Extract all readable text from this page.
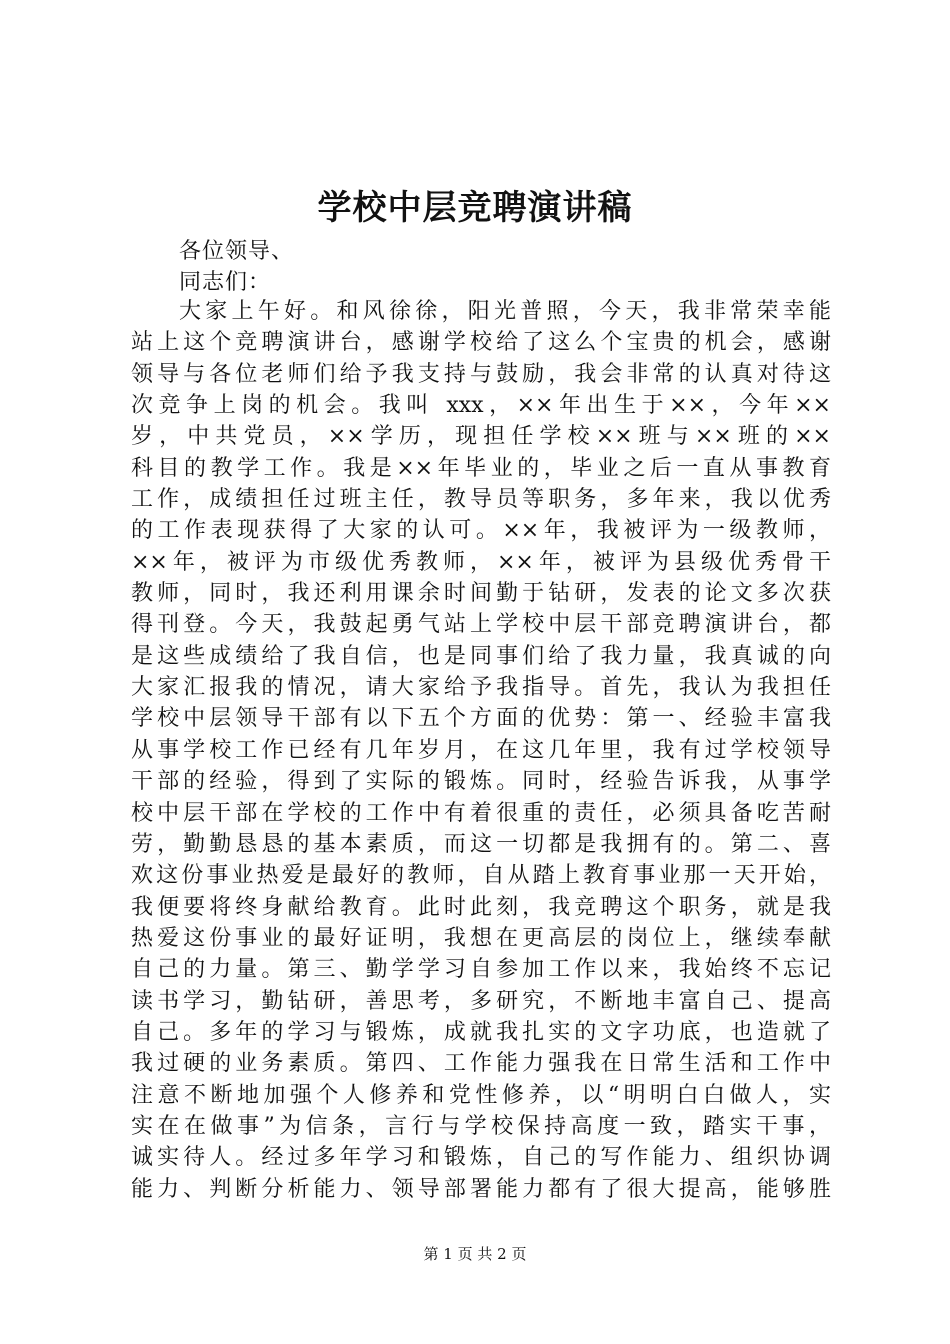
学校中层竞聘演讲稿
各位领导、
同志们：
大家上午好。和风徐徐，阳光普照，今天，我非常荣幸能
站上这个竞聘演讲台，感谢学校给了这么个宝贵的机会，感谢
领导与各位老师们给予我支持与鼓励，我会非常的认真对待这
次竞争上岗的机会。我叫 xxx，××年出生于××，今年××
岁，中共党员，××学历，现担任学校××班与××班的××
科目的教学工作。我是××年毕业的，毕业之后一直从事教育
工作，成绩担任过班主任，教导员等职务，多年来，我以优秀
的工作表现获得了大家的认可。××年，我被评为一级教师，
××年，被评为市级优秀教师，××年，被评为县级优秀骨干
教师，同时，我还利用课余时间勤于钻研，发表的论文多次获
得刊登。今天，我鼓起勇气站上学校中层干部竞聘演讲台，都
是这些成绩给了我自信，也是同事们给了我力量，我真诚的向
大家汇报我的情况，请大家给予我指导。首先，我认为我担任
学校中层领导干部有以下五个方面的优势：第一、经验丰富我
从事学校工作已经有几年岁月，在这几年里，我有过学校领导
干部的经验，得到了实际的锻炼。同时，经验告诉我，从事学
校中层干部在学校的工作中有着很重的责任，必须具备吃苦耐
劳，勤勤恳恳的基本素质，而这一切都是我拥有的。第二、喜
欢这份事业热爱是最好的教师，自从踏上教育事业那一天开始，
我便要将终身献给教育。此时此刻，我竞聘这个职务，就是我
热爱这份事业的最好证明，我想在更高层的岗位上，继续奉献
自己的力量。第三、勤学学习自参加工作以来，我始终不忘记
读书学习，勤钻研，善思考，多研究，不断地丰富自己、提高
自己。多年的学习与锻炼，成就我扎实的文字功底，也造就了
我过硬的业务素质。第四、工作能力强我在日常生活和工作中
注意不断地加强个人修养和党性修养，以“明明白白做人，实
实在在做事”为信条，言行与学校保持高度一致，踏实干事，
诚实待人。经过多年学习和锻炼，自己的写作能力、组织协调
能力、判断分析能力、领导部署能力都有了很大提高，能够胜
第 1 页 共 2 页
